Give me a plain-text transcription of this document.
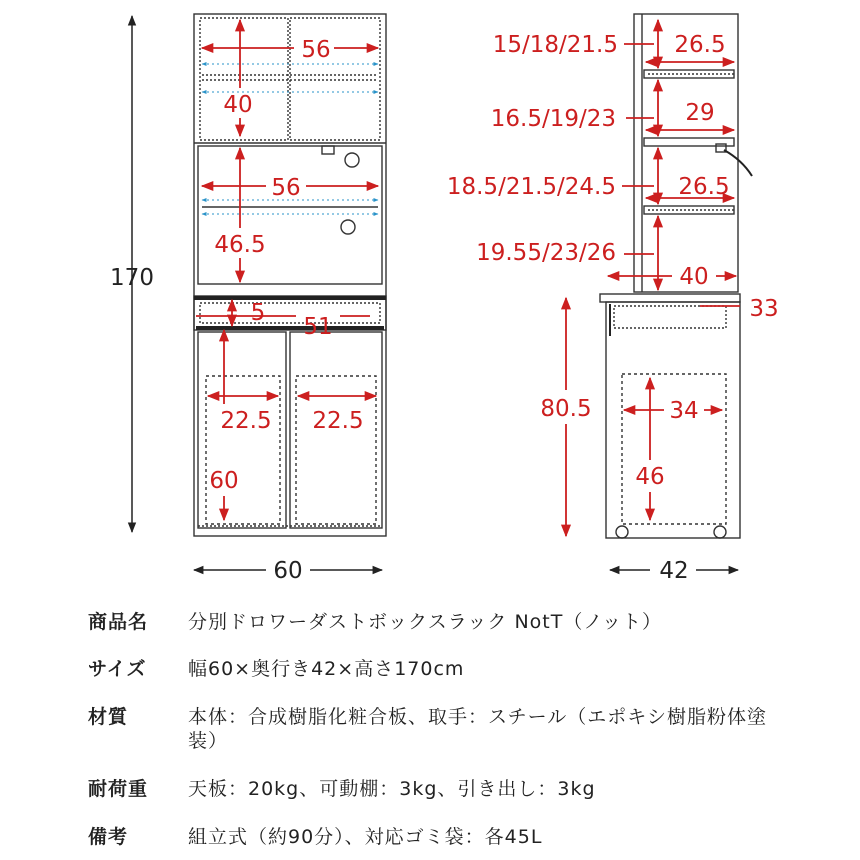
170
60
56
40
56
46.5
5
51
22.5 22.5
60
42
15/18/21.5 26.5
16.5/19/23	29
18.5/21.5/24.5	26.5
19.55/23/26
40
33
80.5	34
46
商品名	分別ドロワーダストボックスラック NotT（ノット）
サイズ	幅60×奥行き42×高さ170cm
材質	本体：合成樹脂化粧合板、取手：スチール（エポキシ樹脂粉体塗装）
耐荷重	天板：20kg、可動棚：3kg、引き出し：3kg
備考	組立式（約90分）、対応ゴミ袋：各45L
